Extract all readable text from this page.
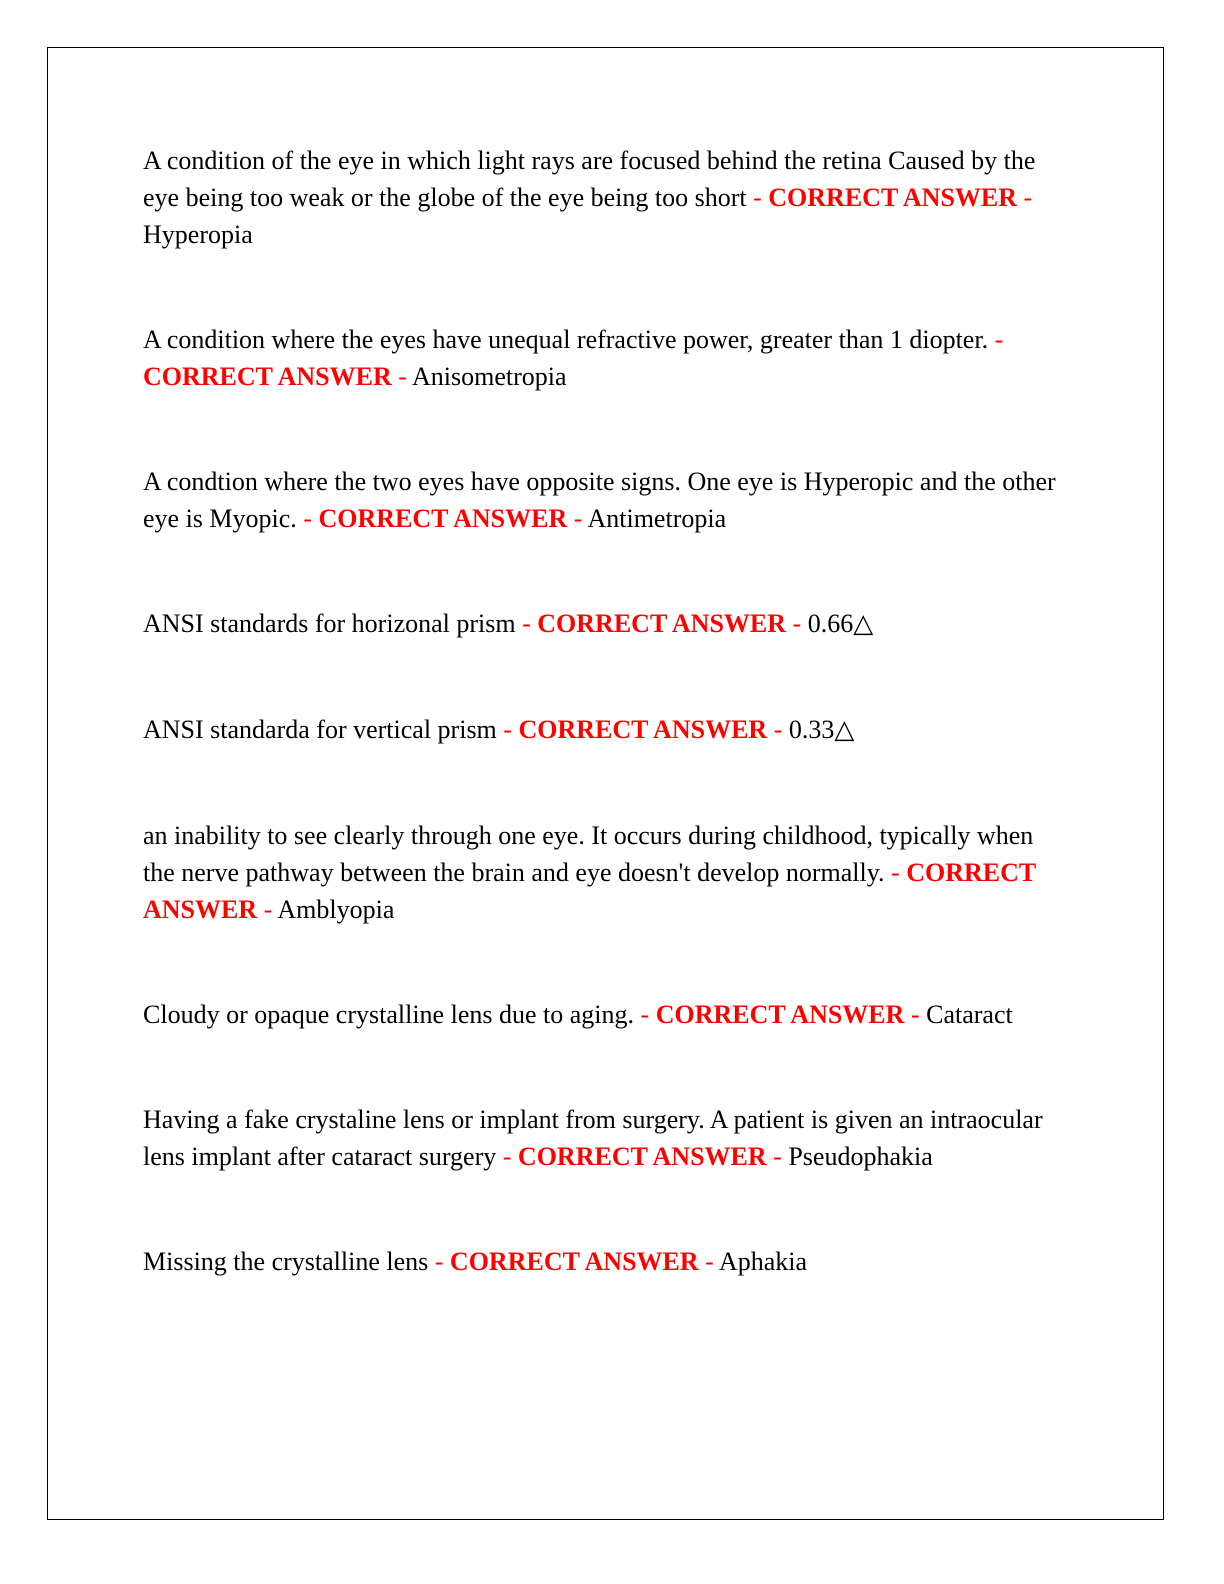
A condition of the eye in which light rays are focused behind the retina Caused by the eye being too weak or the globe of the eye being too short - CORRECT ANSWER - Hyperopia

A condition where the eyes have unequal refractive power, greater than 1 diopter. - CORRECT ANSWER - Anisometropia

A condtion where the two eyes have opposite signs. One eye is Hyperopic and the other eye is Myopic. - CORRECT ANSWER - Antimetropia

ANSI standards for horizonal prism - CORRECT ANSWER - 0.66△

ANSI standarda for vertical prism - CORRECT ANSWER - 0.33△

an inability to see clearly through one eye. It occurs during childhood, typically when the nerve pathway between the brain and eye doesn't develop normally. - CORRECT ANSWER - Amblyopia

Cloudy or opaque crystalline lens due to aging. - CORRECT ANSWER - Cataract

Having a fake crystaline lens or implant from surgery. A patient is given an intraocular lens implant after cataract surgery - CORRECT ANSWER - Pseudophakia

Missing the crystalline lens - CORRECT ANSWER - Aphakia
